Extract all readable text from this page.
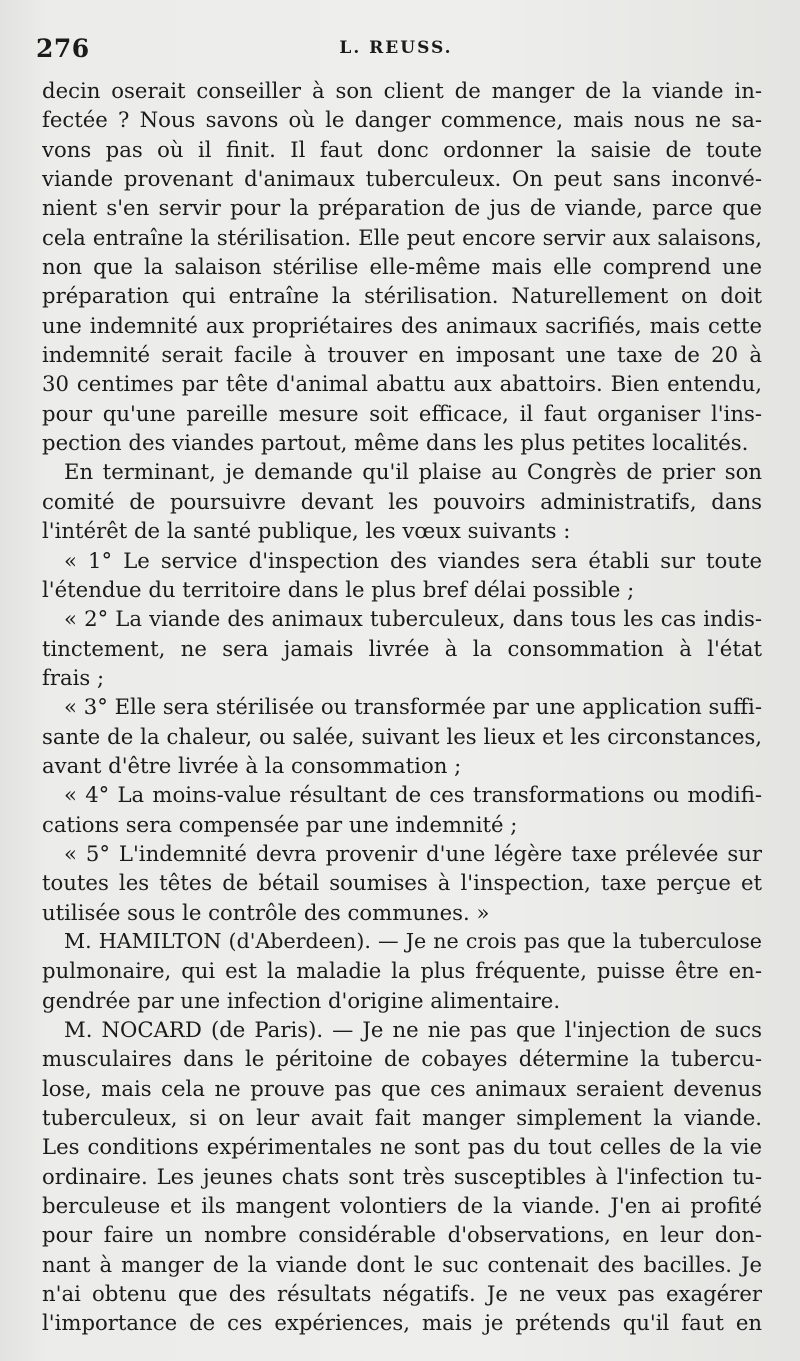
276	L. REUSS.
decin oserait conseiller à son client de manger de la viande in-
fectée ? Nous savons où le danger commence, mais nous ne sa-
vons pas où il finit. Il faut donc ordonner la saisie de toute
viande provenant d'animaux tuberculeux. On peut sans inconvé-
nient s'en servir pour la préparation de jus de viande, parce que
cela entraîne la stérilisation. Elle peut encore servir aux salaisons,
non que la salaison stérilise elle-même mais elle comprend une
préparation qui entraîne la stérilisation. Naturellement on doit
une indemnité aux propriétaires des animaux sacrifiés, mais cette
indemnité serait facile à trouver en imposant une taxe de 20 à
30 centimes par tête d'animal abattu aux abattoirs. Bien entendu,
pour qu'une pareille mesure soit efficace, il faut organiser l'ins-
pection des viandes partout, même dans les plus petites localités.
En terminant, je demande qu'il plaise au Congrès de prier son
comité de poursuivre devant les pouvoirs administratifs, dans
l'intérêt de la santé publique, les vœux suivants :
« 1° Le service d'inspection des viandes sera établi sur toute
l'étendue du territoire dans le plus bref délai possible ;
« 2° La viande des animaux tuberculeux, dans tous les cas indis-
tinctement, ne sera jamais livrée à la consommation à l'état
frais ;
« 3° Elle sera stérilisée ou transformée par une application suffi-
sante de la chaleur, ou salée, suivant les lieux et les circonstances,
avant d'être livrée à la consommation ;
« 4° La moins-value résultant de ces transformations ou modifi-
cations sera compensée par une indemnité ;
« 5° L'indemnité devra provenir d'une légère taxe prélevée sur
toutes les têtes de bétail soumises à l'inspection, taxe perçue et
utilisée sous le contrôle des communes. »
M. HAMILTON (d'Aberdeen). — Je ne crois pas que la tuberculose
pulmonaire, qui est la maladie la plus fréquente, puisse être en-
gendrée par une infection d'origine alimentaire.
M. NOCARD (de Paris). — Je ne nie pas que l'injection de sucs
musculaires dans le péritoine de cobayes détermine la tubercu-
lose, mais cela ne prouve pas que ces animaux seraient devenus
tuberculeux, si on leur avait fait manger simplement la viande.
Les conditions expérimentales ne sont pas du tout celles de la vie
ordinaire. Les jeunes chats sont très susceptibles à l'infection tu-
berculeuse et ils mangent volontiers de la viande. J'en ai profité
pour faire un nombre considérable d'observations, en leur don-
nant à manger de la viande dont le suc contenait des bacilles. Je
n'ai obtenu que des résultats négatifs. Je ne veux pas exagérer
l'importance de ces expériences, mais je prétends qu'il faut en
